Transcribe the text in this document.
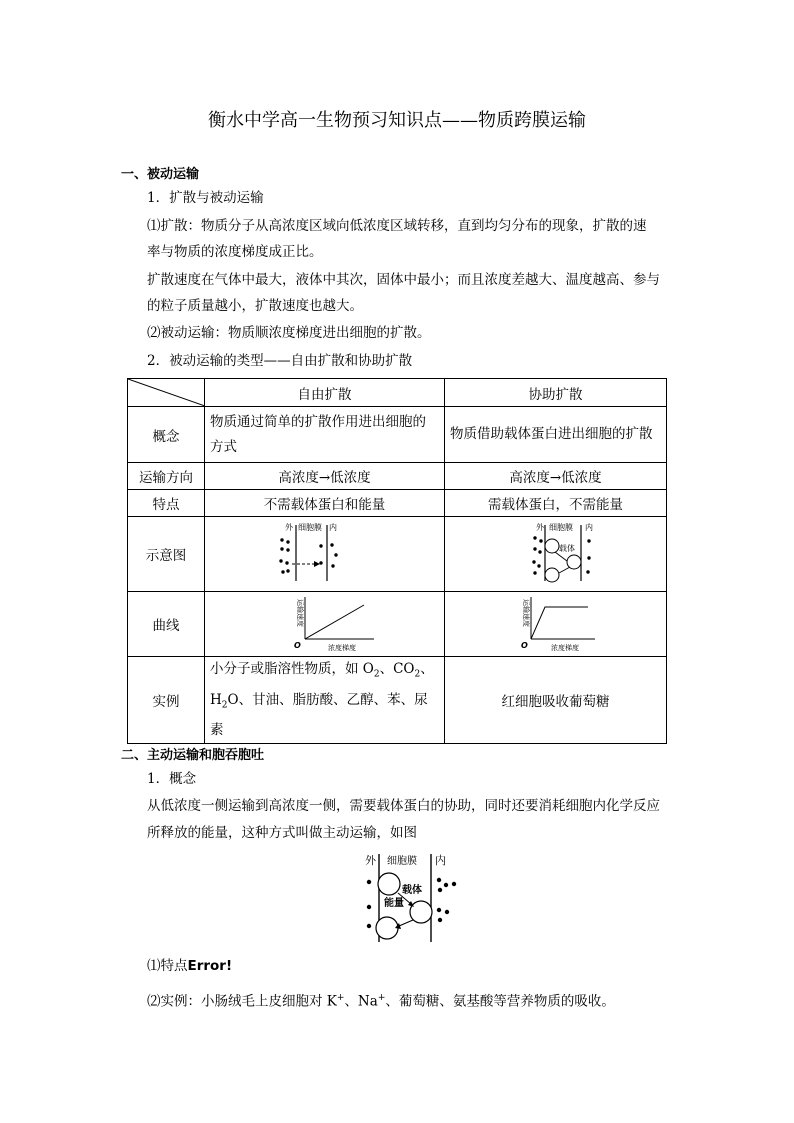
衡水中学高一生物预习知识点——物质跨膜运输
一、被动运输
1．扩散与被动运输
⑴扩散：物质分子从高浓度区域向低浓度区域转移，直到均匀分布的现象，扩散的速
率与物质的浓度梯度成正比。
扩散速度在气体中最大，液体中其次，固体中最小；而且浓度差越大、温度越高、参与
的粒子质量越小，扩散速度也越大。
⑵被动运输：物质顺浓度梯度进出细胞的扩散。
2．被动运输的类型——自由扩散和协助扩散
	自由扩散	协助扩散
概念	物质通过简单的扩散作用进出细胞的方式	物质借助载体蛋白进出细胞的扩散
运输方向	高浓度→低浓度	高浓度→低浓度
特点	不需载体蛋白和能量	需载体蛋白，不需能量
示意图	外 细胞膜 内	外 细胞膜 内
载体

曲线	运输速度
O 浓度梯度	运输速度
O 浓度梯度

实例	小分子或脂溶性物质，如 $O_2$、$CO_2$、
$H_2O$、甘油、脂肪酸、乙醇、苯、尿素	红细胞吸收葡萄糖
二、主动运输和胞吞胞吐
1．概念
从低浓度一侧运输到高浓度一侧，需要载体蛋白的协助，同时还要消耗细胞内化学反应
所释放的能量，这种方式叫做主动运输，如图
外 细胞膜 内
载体
能量
⑴特点Error!
⑵实例：小肠绒毛上皮细胞对 K+、Na+、葡萄糖、氨基酸等营养物质的吸收。
